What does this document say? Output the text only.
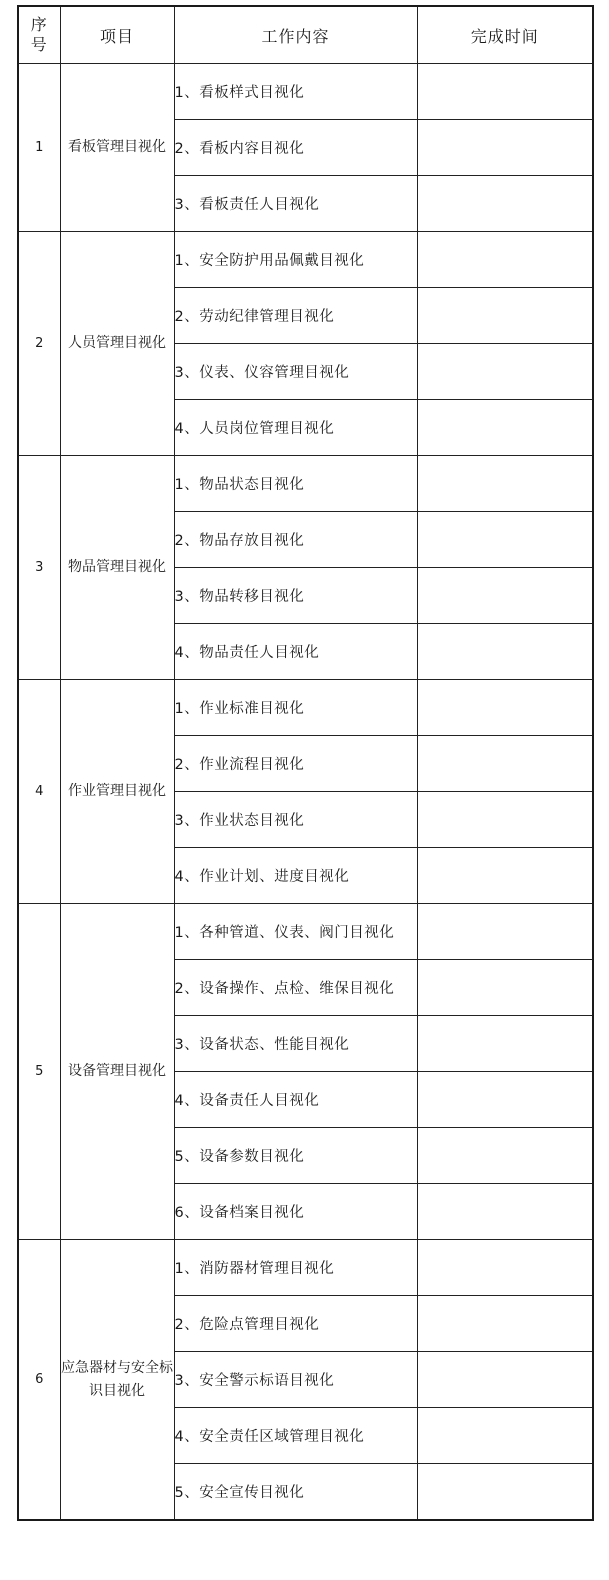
序
号	项目	工作内容	完成时间
1	看板管理目视化	1、看板样式目视化	
		2、看板内容目视化	
		3、看板责任人目视化	
2	人员管理目视化	1、安全防护用品佩戴目视化	
		2、劳动纪律管理目视化	
		3、仪表、仪容管理目视化	
		4、人员岗位管理目视化	
3	物品管理目视化	1、物品状态目视化	
		2、物品存放目视化	
		3、物品转移目视化	
		4、物品责任人目视化	
4	作业管理目视化	1、作业标准目视化	
		2、作业流程目视化	
		3、作业状态目视化	
		4、作业计划、进度目视化	
5	设备管理目视化	1、各种管道、仪表、阀门目视化	
		2、设备操作、点检、维保目视化	
		3、设备状态、性能目视化	
		4、设备责任人目视化	
		5、设备参数目视化	
		6、设备档案目视化	
6	应急器材与安全标识目视化	1、消防器材管理目视化	
		2、危险点管理目视化	
		3、安全警示标语目视化	
		4、安全责任区域管理目视化	
		5、安全宣传目视化	
